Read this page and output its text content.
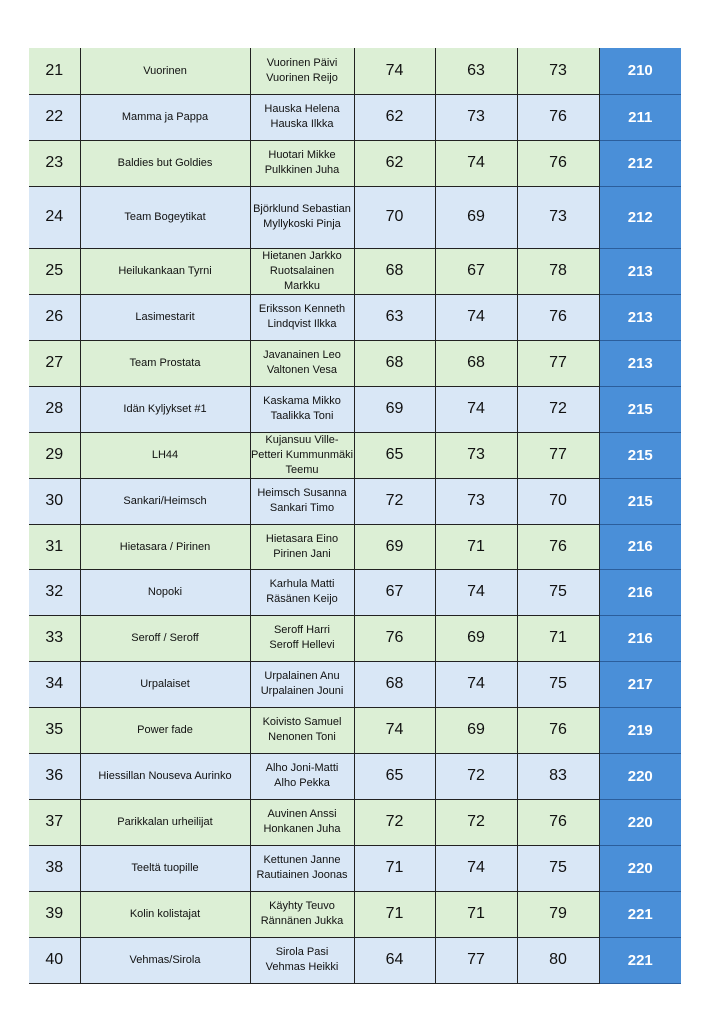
21	Vuorinen	Vuorinen Päivi
Vuorinen Reijo	74	63	73	210
22	Mamma ja Pappa	Hauska Helena
Hauska Ilkka	62	73	76	211
23	Baldies but Goldies	Huotari Mikke
Pulkkinen Juha	62	74	76	212
24	Team Bogeytikat	Björklund Sebastian
Myllykoski Pinja	70	69	73	212
25	Heilukankaan Tyrni	Hietanen Jarkko
Ruotsalainen Markku	68	67	78	213
26	Lasimestarit	Eriksson Kenneth
Lindqvist Ilkka	63	74	76	213
27	Team Prostata	Javanainen Leo
Valtonen Vesa	68	68	77	213
28	Idän Kyljykset #1	Kaskama Mikko
Taalikka Toni	69	74	72	215
29	LH44	Kujansuu Ville-
Petteri Kummunmäki
Teemu	65	73	77	215
30	Sankari/Heimsch	Heimsch Susanna
Sankari Timo	72	73	70	215
31	Hietasara / Pirinen	Hietasara Eino
Pirinen Jani	69	71	76	216
32	Nopoki	Karhula Matti
Räsänen Keijo	67	74	75	216
33	Seroff / Seroff	Seroff Harri
Seroff Hellevi	76	69	71	216
34	Urpalaiset	Urpalainen Anu
Urpalainen Jouni	68	74	75	217
35	Power fade	Koivisto Samuel
Nenonen Toni	74	69	76	219
36	Hiessillan Nouseva Aurinko	Alho Joni-Matti
Alho Pekka	65	72	83	220
37	Parikkalan urheilijat	Auvinen Anssi
Honkanen Juha	72	72	76	220
38	Teeltä tuopille	Kettunen Janne
Rautiainen Joonas	71	74	75	220
39	Kolin kolistajat	Käyhty Teuvo
Rännänen Jukka	71	71	79	221
40	Vehmas/Sirola	Sirola Pasi
Vehmas Heikki	64	77	80	221
